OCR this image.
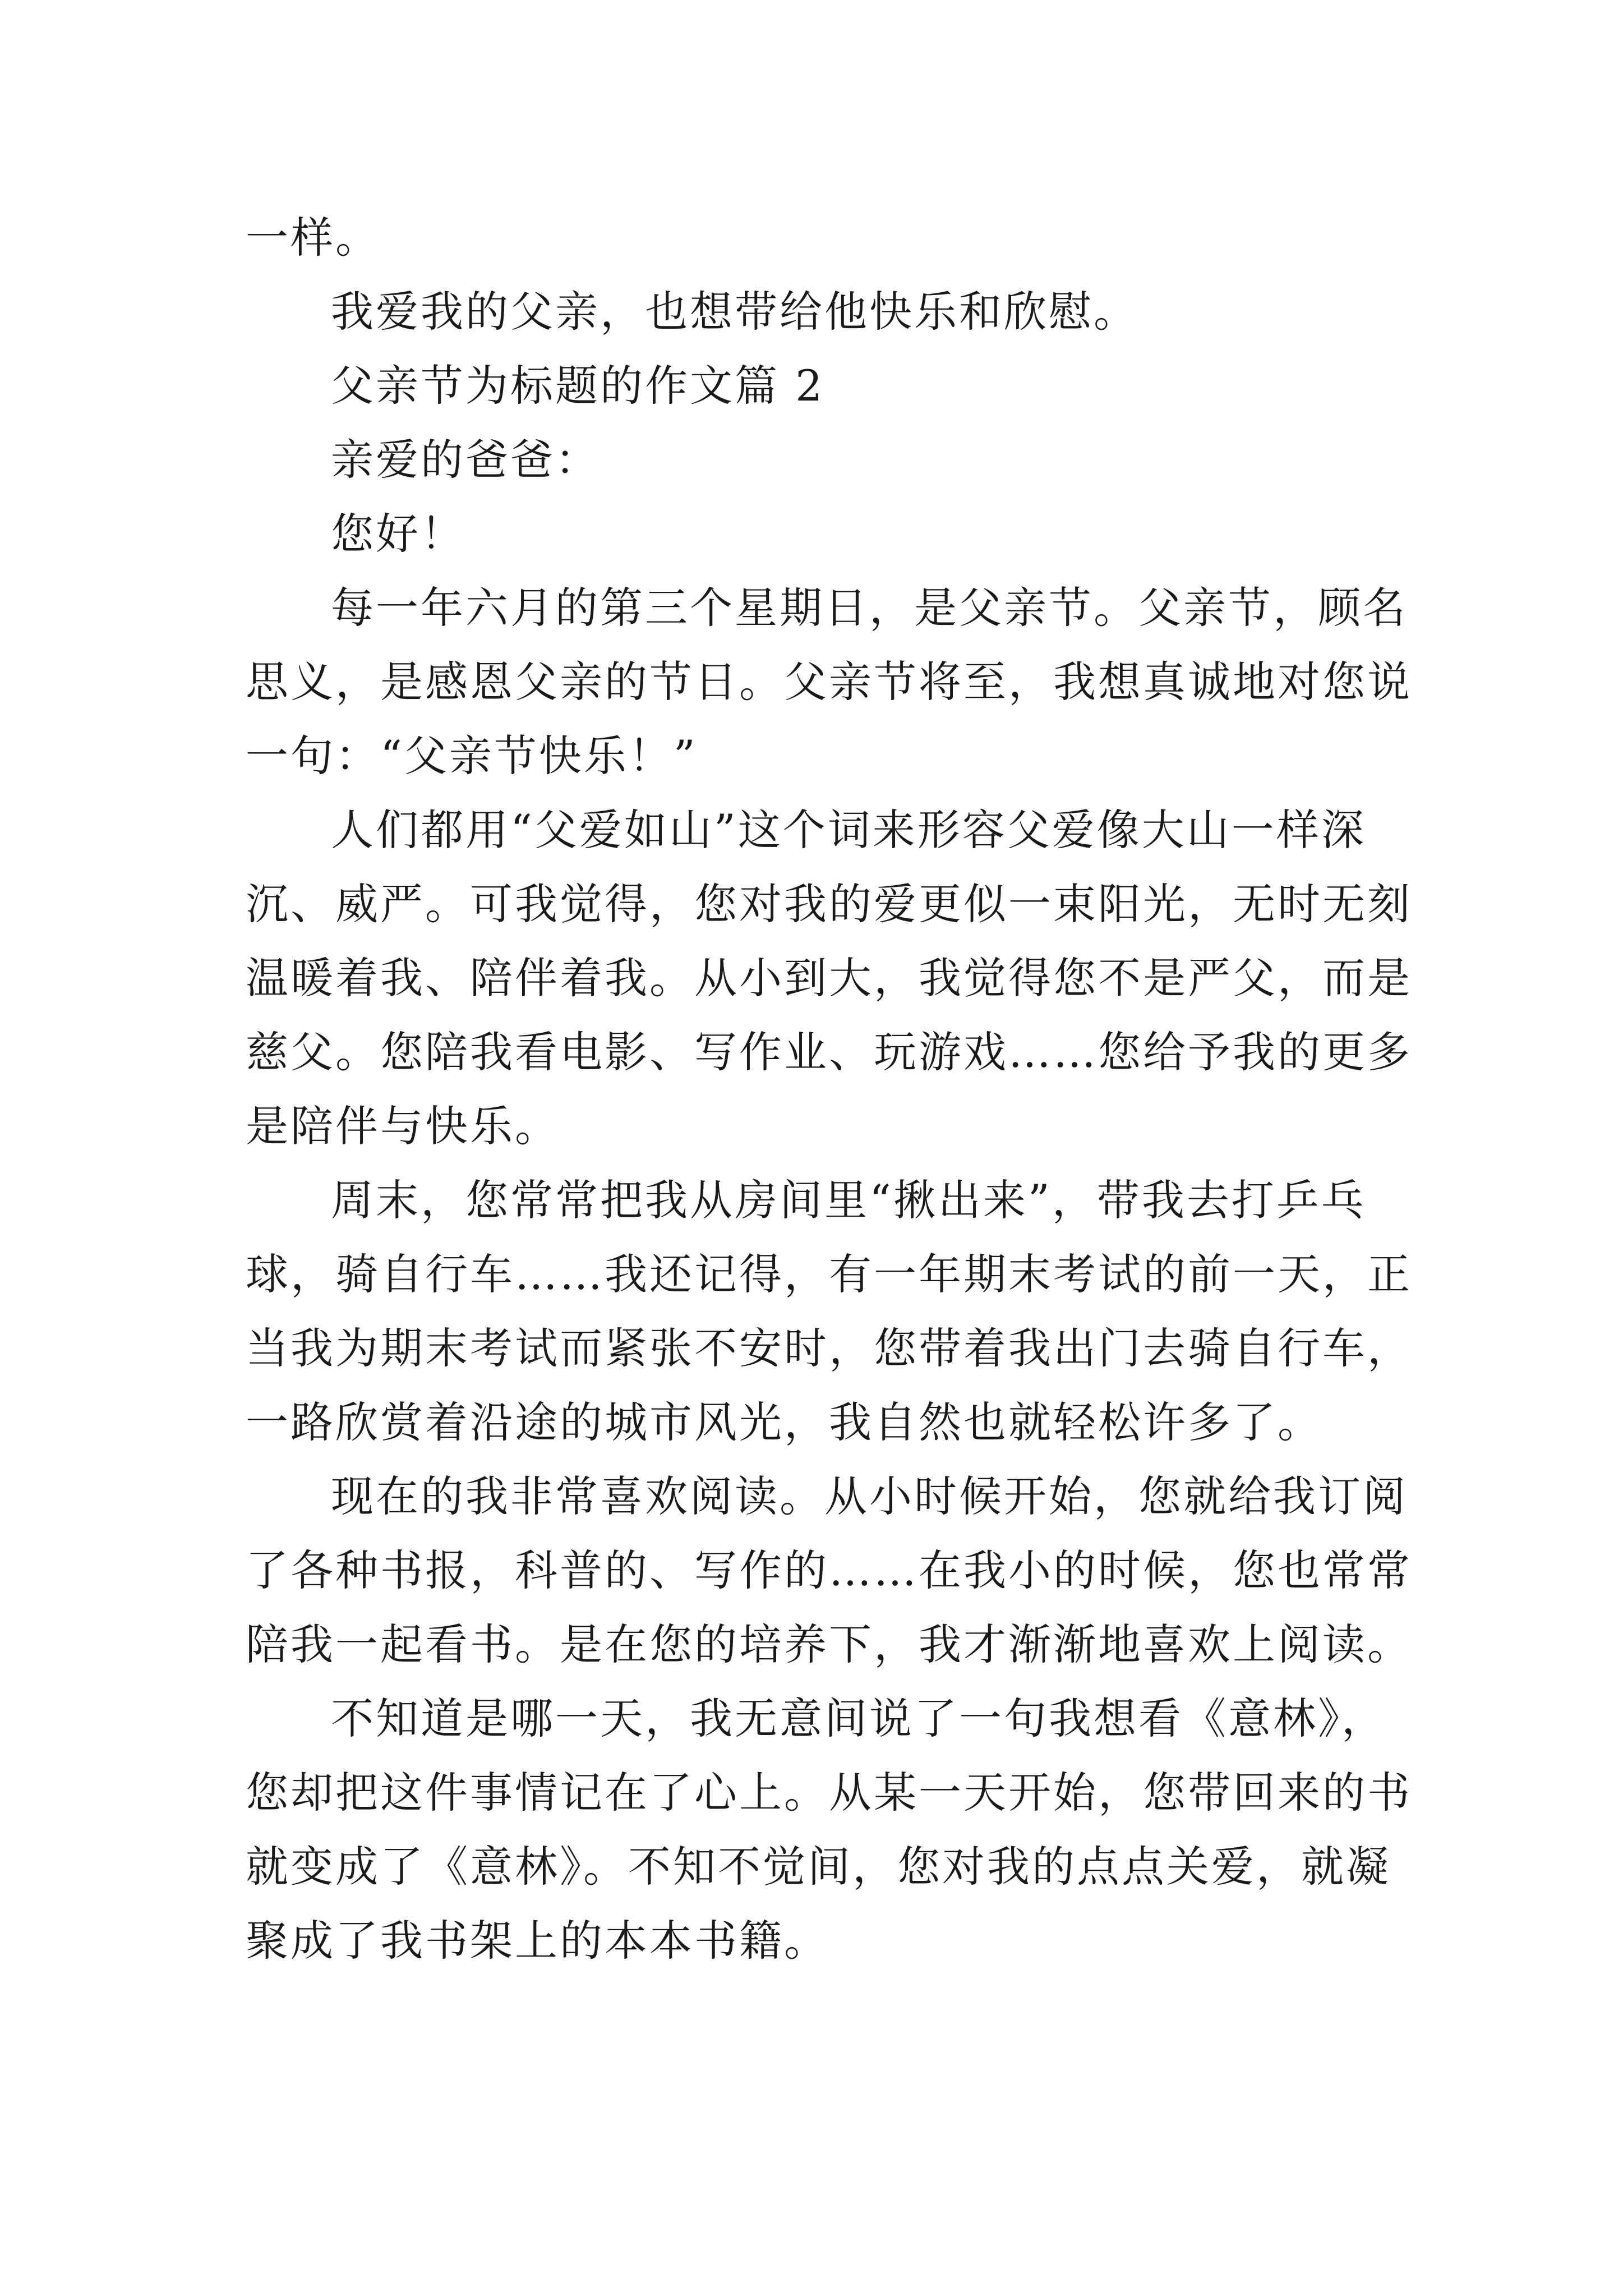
一样。
我爱我的父亲，也想带给他快乐和欣慰。
父亲节为标题的作文篇 2
亲爱的爸爸：
您好！
每一年六月的第三个星期日，是父亲节。父亲节，顾名
思义，是感恩父亲的节日。父亲节将至，我想真诚地对您说
一句：“父亲节快乐！”
人们都用“父爱如山”这个词来形容父爱像大山一样深
沉、威严。可我觉得，您对我的爱更似一束阳光，无时无刻
温暖着我、陪伴着我。从小到大，我觉得您不是严父，而是
慈父。您陪我看电影、写作业、玩游戏……您给予我的更多
是陪伴与快乐。
周末，您常常把我从房间里“揪出来”，带我去打乒乓
球，骑自行车……我还记得，有一年期末考试的前一天，正
当我为期末考试而紧张不安时，您带着我出门去骑自行车，
一路欣赏着沿途的城市风光，我自然也就轻松许多了。
现在的我非常喜欢阅读。从小时候开始，您就给我订阅
了各种书报，科普的、写作的……在我小的时候，您也常常
陪我一起看书。是在您的培养下，我才渐渐地喜欢上阅读。
不知道是哪一天，我无意间说了一句我想看《意林》，
您却把这件事情记在了心上。从某一天开始，您带回来的书
就变成了《意林》。不知不觉间，您对我的点点关爱，就凝
聚成了我书架上的本本书籍。
